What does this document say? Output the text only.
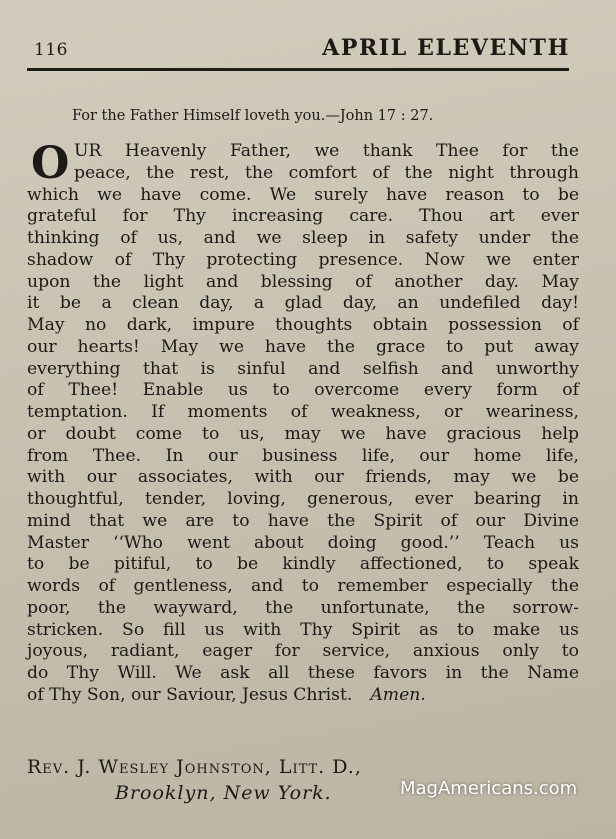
116	APRIL ELEVENTH
For the Father Himself loveth you.—John 17 : 27.
O UR Heavenly Father, we thank Thee for the
peace, the rest, the comfort of the night through
which we have come. We surely have reason to be
grateful for Thy increasing care. Thou art ever
thinking of us, and we sleep in safety under the
shadow of Thy protecting presence. Now we enter
upon the light and blessing of another day. May
it be a clean day, a glad day, an undefiled day!
May no dark, impure thoughts obtain possession of
our hearts! May we have the grace to put away
everything that is sinful and selfish and unworthy
of Thee! Enable us to overcome every form of
temptation. If moments of weakness, or weariness,
or doubt come to us, may we have gracious help
from Thee. In our business life, our home life,
with our associates, with our friends, may we be
thoughtful, tender, loving, generous, ever bearing in
mind that we are to have the Spirit of our Divine
Master ‘‘Who went about doing good.’’ Teach us
to be pitiful, to be kindly affectioned, to speak
words of gentleness, and to remember especially the
poor, the wayward, the unfortunate, the sorrow-
stricken. So fill us with Thy Spirit as to make us
joyous, radiant, eager for service, anxious only to
do Thy Will. We ask all these favors in the Name
of Thy Son, our Saviour, Jesus Christ. Amen.
Rev. J. Wesley Johnston, Litt. D.,
Brooklyn, New York.	MagAmericans.com
